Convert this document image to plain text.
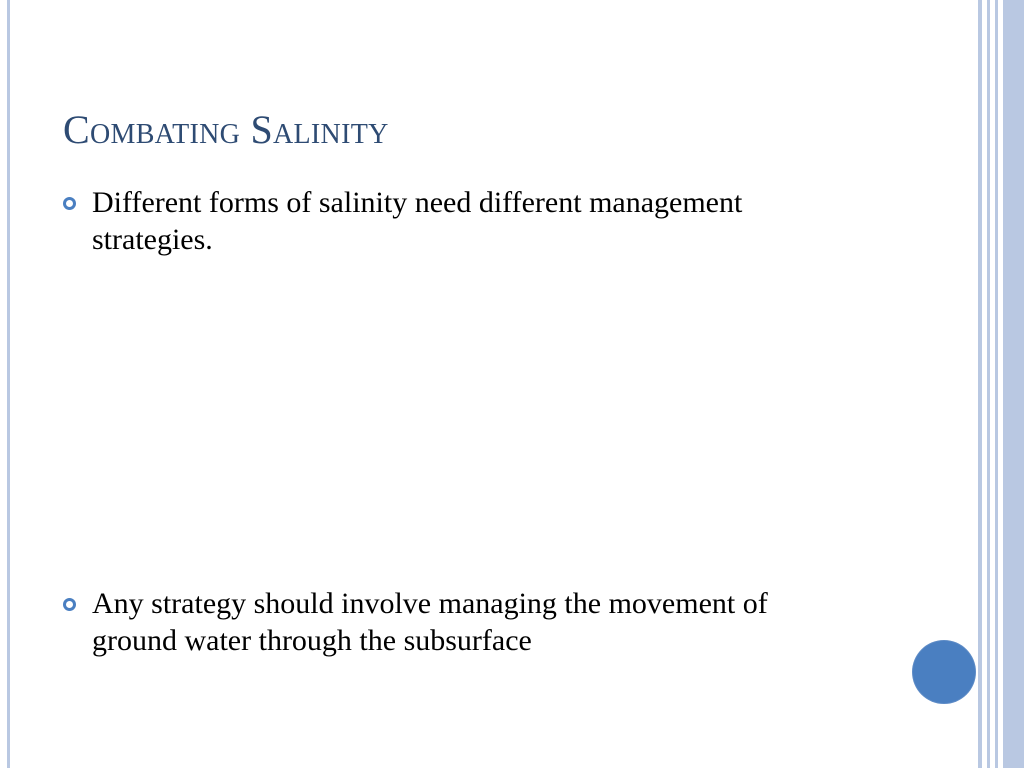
Combating Salinity
Different forms of salinity need different management strategies.
Any strategy should involve managing the movement of ground water through the subsurface
